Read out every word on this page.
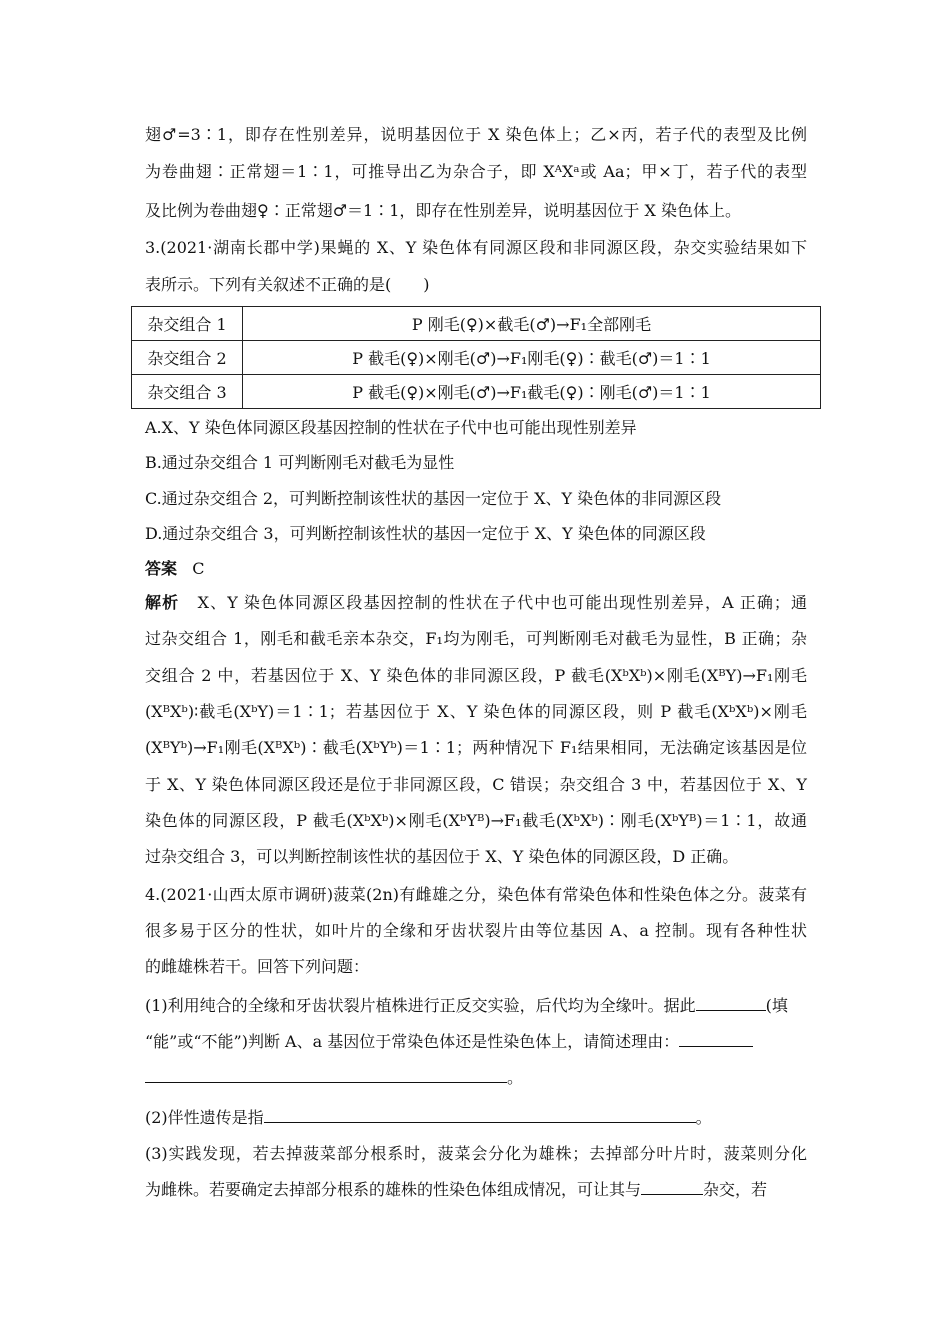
翅♂=3∶1，即存在性别差异，说明基因位于 X 染色体上；乙×丙，若子代的表型及比例
为卷曲翅∶正常翅＝1∶1，可推导出乙为杂合子，即 XᴬXᵃ或 Aa；甲×丁，若子代的表型
及比例为卷曲翅♀∶正常翅♂＝1∶1，即存在性别差异，说明基因位于 X 染色体上。
3.(2021·湖南长郡中学)果蝇的 X、Y 染色体有同源区段和非同源区段，杂交实验结果如下
表所示。下列有关叙述不正确的是(　　)
杂交组合 1	P 刚毛(♀)×截毛(♂)→F₁全部刚毛
杂交组合 2	P 截毛(♀)×刚毛(♂)→F₁刚毛(♀)∶截毛(♂)＝1∶1
杂交组合 3	P 截毛(♀)×刚毛(♂)→F₁截毛(♀)∶刚毛(♂)＝1∶1
A.X、Y 染色体同源区段基因控制的性状在子代中也可能出现性别差异
B.通过杂交组合 1 可判断刚毛对截毛为显性
C.通过杂交组合 2，可判断控制该性状的基因一定位于 X、Y 染色体的非同源区段
D.通过杂交组合 3，可判断控制该性状的基因一定位于 X、Y 染色体的同源区段
答案 C
解析 X、Y 染色体同源区段基因控制的性状在子代中也可能出现性别差异，A 正确；通
过杂交组合 1，刚毛和截毛亲本杂交，F₁均为刚毛，可判断刚毛对截毛为显性，B 正确；杂
交组合 2 中，若基因位于 X、Y 染色体的非同源区段，P 截毛(XᵇXᵇ)×刚毛(XᴮY)→F₁刚毛
(XᴮXᵇ)∶截毛(XᵇY)＝1∶1；若基因位于 X、Y 染色体的同源区段，则 P 截毛(XᵇXᵇ)×刚毛
(XᴮYᵇ)→F₁刚毛(XᴮXᵇ)∶截毛(XᵇYᵇ)＝1∶1；两种情况下 F₁结果相同，无法确定该基因是位
于 X、Y 染色体同源区段还是位于非同源区段，C 错误；杂交组合 3 中，若基因位于 X、Y
染色体的同源区段，P 截毛(XᵇXᵇ)×刚毛(XᵇYᴮ)→F₁截毛(XᵇXᵇ)∶刚毛(XᵇYᴮ)＝1∶1，故通
过杂交组合 3，可以判断控制该性状的基因位于 X、Y 染色体的同源区段，D 正确。
4.(2021·山西太原市调研)菠菜(2n)有雌雄之分，染色体有常染色体和性染色体之分。菠菜有
很多易于区分的性状，如叶片的全缘和牙齿状裂片由等位基因 A、a 控制。现有各种性状
的雌雄株若干。回答下列问题：
(1)利用纯合的全缘和牙齿状裂片植株进行正反交实验，后代均为全缘叶。据此	(填
“能”或“不能”)判断 A、a 基因位于常染色体还是性染色体上，请简述理由：
。
(2)伴性遗传是指	。
(3)实践发现，若去掉菠菜部分根系时，菠菜会分化为雄株；去掉部分叶片时，菠菜则分化
为雌株。若要确定去掉部分根系的雄株的性染色体组成情况，可让其与	杂交，若
